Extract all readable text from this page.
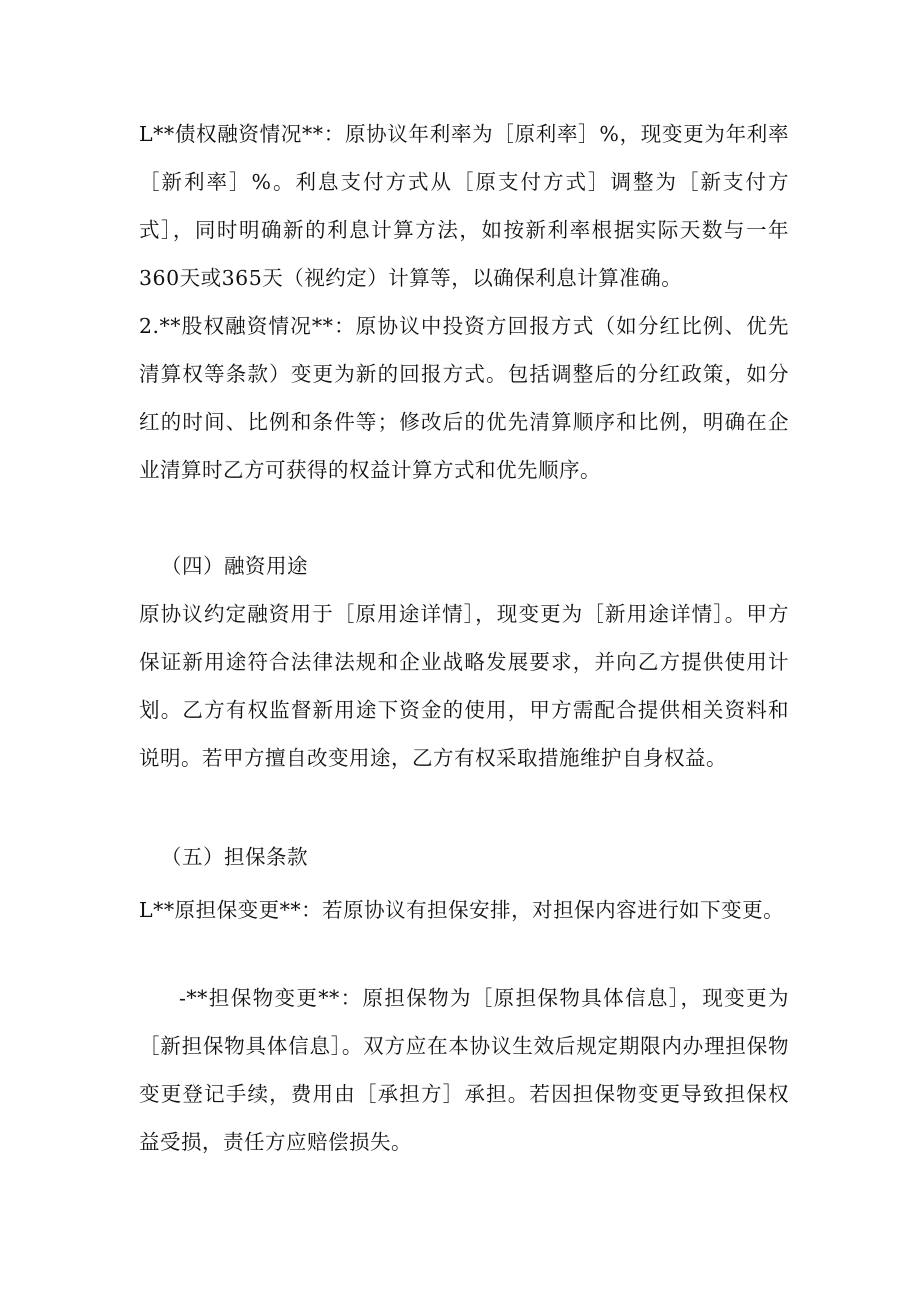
L**债权融资情况**：原协议年利率为［原利率］%，现变更为年利率［新利率］%。利息支付方式从［原支付方式］调整为［新支付方式］，同时明确新的利息计算方法，如按新利率根据实际天数与一年360天或365天（视约定）计算等，以确保利息计算准确。

2.**股权融资情况**：原协议中投资方回报方式（如分红比例、优先清算权等条款）变更为新的回报方式。包括调整后的分红政策，如分红的时间、比例和条件等；修改后的优先清算顺序和比例，明确在企业清算时乙方可获得的权益计算方式和优先顺序。

（四）融资用途

原协议约定融资用于［原用途详情］，现变更为［新用途详情］。甲方保证新用途符合法律法规和企业战略发展要求，并向乙方提供使用计划。乙方有权监督新用途下资金的使用，甲方需配合提供相关资料和说明。若甲方擅自改变用途，乙方有权采取措施维护自身权益。

（五）担保条款

L**原担保变更**：若原协议有担保安排，对担保内容进行如下变更。

-**担保物变更**：原担保物为［原担保物具体信息］，现变更为［新担保物具体信息］。双方应在本协议生效后规定期限内办理担保物变更登记手续，费用由［承担方］承担。若因担保物变更导致担保权益受损，责任方应赔偿损失。
